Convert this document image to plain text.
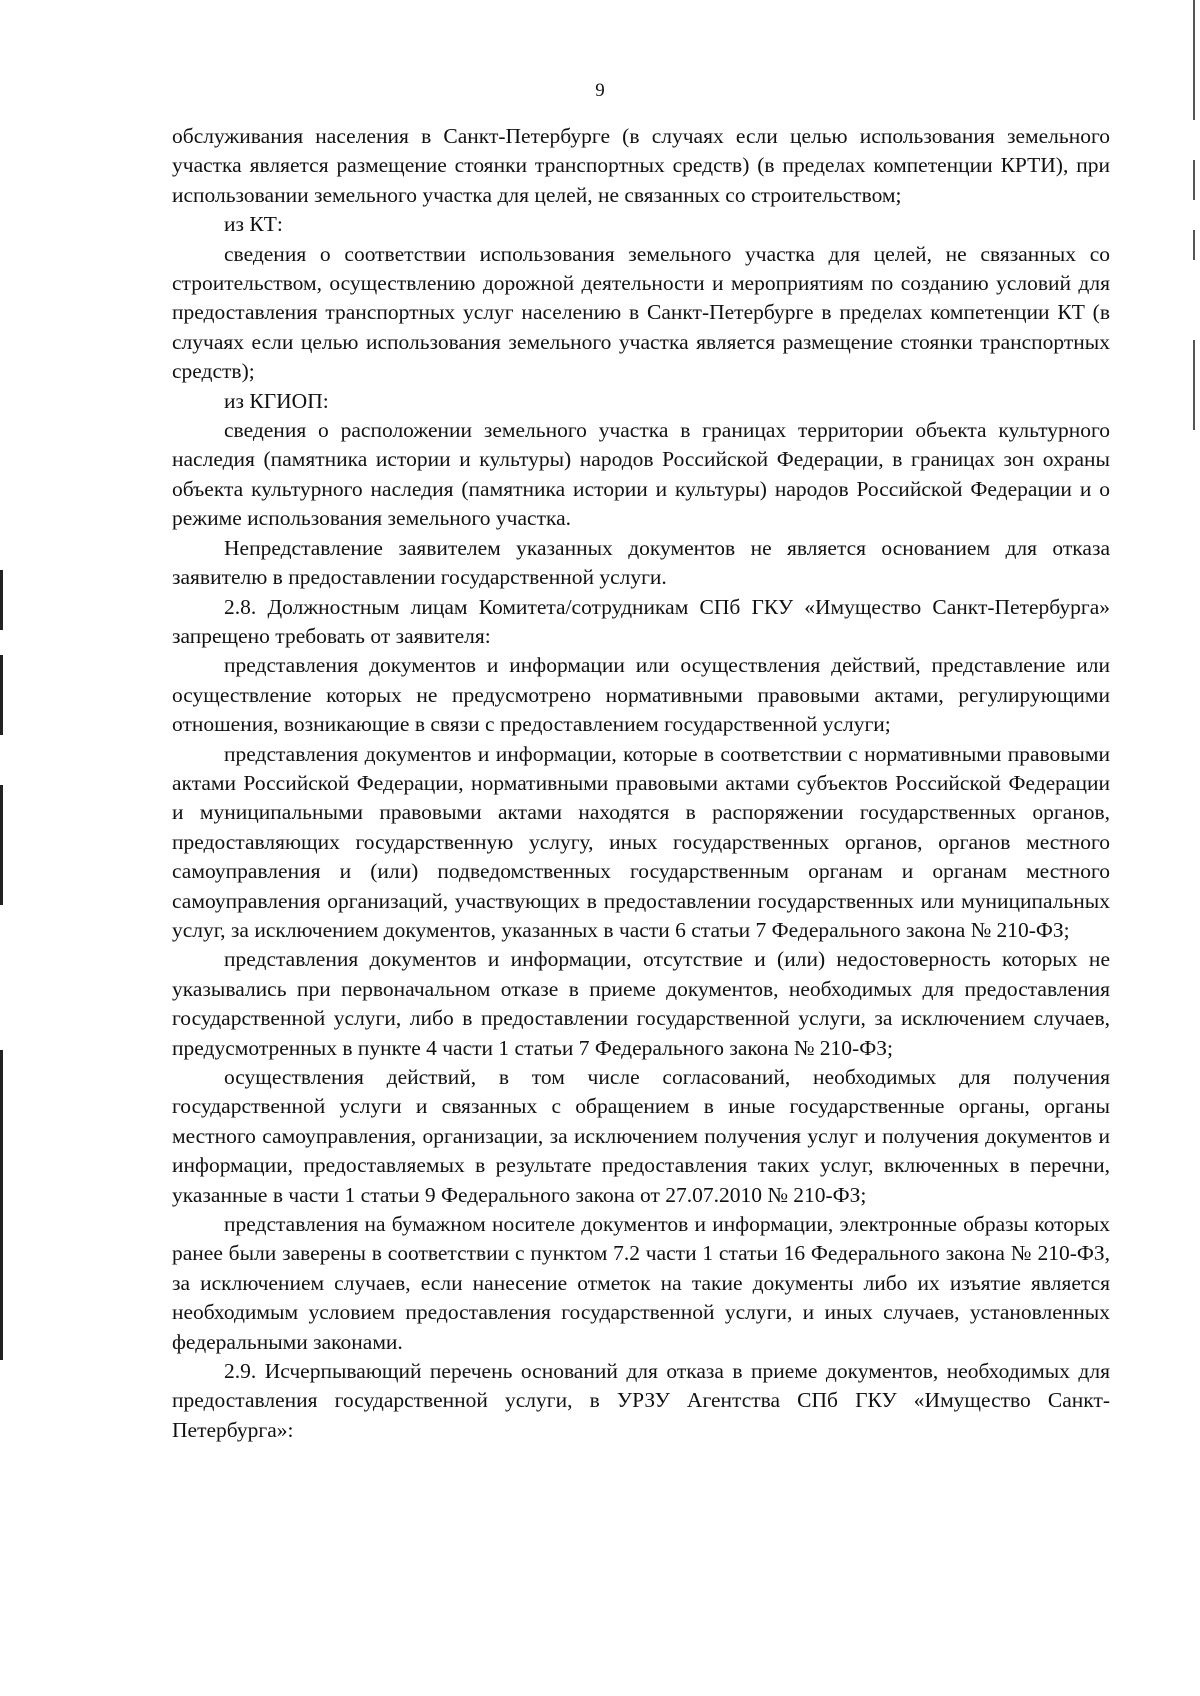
9

обслуживания населения в Санкт-Петербурге (в случаях если целью использования земельного участка является размещение стоянки транспортных средств) (в пределах компетенции КРТИ), при использовании земельного участка для целей, не связанных со строительством;

из КТ:

сведения о соответствии использования земельного участка для целей, не связанных со строительством, осуществлению дорожной деятельности и мероприятиям по созданию условий для предоставления транспортных услуг населению в Санкт-Петербурге в пределах компетенции КТ (в случаях если целью использования земельного участка является размещение стоянки транспортных средств);

из КГИОП:

сведения о расположении земельного участка в границах территории объекта культурного наследия (памятника истории и культуры) народов Российской Федерации, в границах зон охраны объекта культурного наследия (памятника истории и культуры) народов Российской Федерации и о режиме использования земельного участка.

Непредставление заявителем указанных документов не является основанием для отказа заявителю в предоставлении государственной услуги.

2.8. Должностным лицам Комитета/сотрудникам СПб ГКУ «Имущество Санкт-Петербурга» запрещено требовать от заявителя:

представления документов и информации или осуществления действий, представление или осуществление которых не предусмотрено нормативными правовыми актами, регулирующими отношения, возникающие в связи с предоставлением государственной услуги;

представления документов и информации, которые в соответствии с нормативными правовыми актами Российской Федерации, нормативными правовыми актами субъектов Российской Федерации и муниципальными правовыми актами находятся в распоряжении государственных органов, предоставляющих государственную услугу, иных государственных органов, органов местного самоуправления и (или) подведомственных государственным органам и органам местного самоуправления организаций, участвующих в предоставлении государственных или муниципальных услуг, за исключением документов, указанных в части 6 статьи 7 Федерального закона № 210-ФЗ;

представления документов и информации, отсутствие и (или) недостоверность которых не указывались при первоначальном отказе в приеме документов, необходимых для предоставления государственной услуги, либо в предоставлении государственной услуги, за исключением случаев, предусмотренных в пункте 4 части 1 статьи 7 Федерального закона № 210-ФЗ;

осуществления действий, в том числе согласований, необходимых для получения государственной услуги и связанных с обращением в иные государственные органы, органы местного самоуправления, организации, за исключением получения услуг и получения документов и информации, предоставляемых в результате предоставления таких услуг, включенных в перечни, указанные в части 1 статьи 9 Федерального закона от 27.07.2010 № 210-ФЗ;

представления на бумажном носителе документов и информации, электронные образы которых ранее были заверены в соответствии с пунктом 7.2 части 1 статьи 16 Федерального закона № 210-ФЗ, за исключением случаев, если нанесение отметок на такие документы либо их изъятие является необходимым условием предоставления государственной услуги, и иных случаев, установленных федеральными законами.

2.9. Исчерпывающий перечень оснований для отказа в приеме документов, необходимых для предоставления государственной услуги, в УРЗУ Агентства СПб ГКУ «Имущество Санкт-Петербурга»:
